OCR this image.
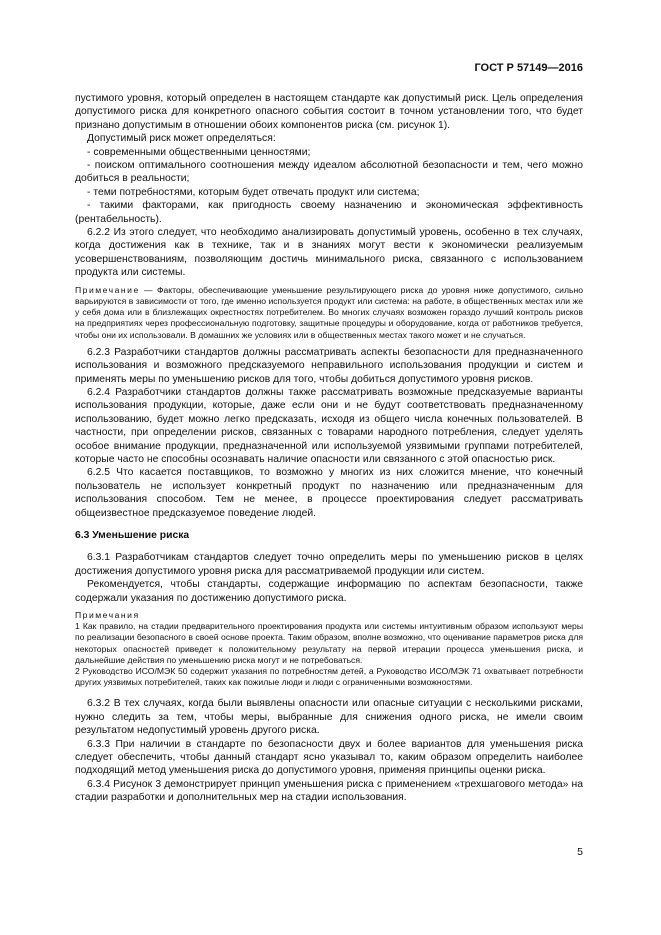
ГОСТ Р 57149—2016

пустимого уровня, который определен в настоящем стандарте как допустимый риск. Цель определения допустимого риска для конкретного опасного события состоит в точном установлении того, что будет признано допустимым в отношении обоих компонентов риска (см. рисунок 1).

Допустимый риск может определяться:

- современными общественными ценностями;

- поиском оптимального соотношения между идеалом абсолютной безопасности и тем, чего можно добиться в реальности;

- теми потребностями, которым будет отвечать продукт или система;

- такими факторами, как пригодность своему назначению и экономическая эффективность (рентабельность).

6.2.2 Из этого следует, что необходимо анализировать допустимый уровень, особенно в тех случаях, когда достижения как в технике, так и в знаниях могут вести к экономически реализуемым усовершенствованиям, позволяющим достичь минимального риска, связанного с использованием продукта или системы.

Примечание — Факторы, обеспечивающие уменьшение результирующего риска до уровня ниже допустимого, сильно варьируются в зависимости от того, где именно используется продукт или система: на работе, в общественных местах или же у себя дома или в близлежащих окрестностях потребителем. Во многих случаях возможен гораздо лучший контроль рисков на предприятиях через профессиональную подготовку, защитные процедуры и оборудование, когда от работников требуется, чтобы они их использовали. В домашних же условиях или в общественных местах такого может и не случаться.

6.2.3 Разработчики стандартов должны рассматривать аспекты безопасности для предназначенного использования и возможного предсказуемого неправильного использования продукции и систем и применять меры по уменьшению рисков для того, чтобы добиться допустимого уровня рисков.

6.2.4 Разработчики стандартов должны также рассматривать возможные предсказуемые варианты использования продукции, которые, даже если они и не будут соответствовать предназначенному использованию, будет можно легко предсказать, исходя из общего числа конечных пользователей. В частности, при определении рисков, связанных с товарами народного потребления, следует уделять особое внимание продукции, предназначенной или используемой уязвимыми группами потребителей, которые часто не способны осознавать наличие опасности или связанного с этой опасностью риск.

6.2.5 Что касается поставщиков, то возможно у многих из них сложится мнение, что конечный пользователь не использует конкретный продукт по назначению или предназначенным для использования способом. Тем не менее, в процессе проектирования следует рассматривать общеизвестное предсказуемое поведение людей.

6.3 Уменьшение риска

6.3.1 Разработчикам стандартов следует точно определить меры по уменьшению рисков в целях достижения допустимого уровня риска для рассматриваемой продукции или систем.

Рекомендуется, чтобы стандарты, содержащие информацию по аспектам безопасности, также содержали указания по достижению допустимого риска.

Примечания

1 Как правило, на стадии предварительного проектирования продукта или системы интуитивным образом используют меры по реализации безопасного в своей основе проекта. Таким образом, вполне возможно, что оценивание параметров риска для некоторых опасностей приведет к положительному результату на первой итерации процесса уменьшения риска, и дальнейшие действия по уменьшению риска могут и не потребоваться.

2 Руководство ИСО/МЭК 50 содержит указания по потребностям детей, а Руководство ИСО/МЭК 71 охватывает потребности других уязвимых потребителей, таких как пожилые люди и люди с ограниченными возможностями.

6.3.2 В тех случаях, когда были выявлены опасности или опасные ситуации с несколькими рисками, нужно следить за тем, чтобы меры, выбранные для снижения одного риска, не имели своим результатом недопустимый уровень другого риска.

6.3.3 При наличии в стандарте по безопасности двух и более вариантов для уменьшения риска следует обеспечить, чтобы данный стандарт ясно указывал то, каким образом определить наиболее подходящий метод уменьшения риска до допустимого уровня, применяя принципы оценки риска.

6.3.4 Рисунок 3 демонстрирует принцип уменьшения риска с применением «трехшагового метода» на стадии разработки и дополнительных мер на стадии использования.

5
